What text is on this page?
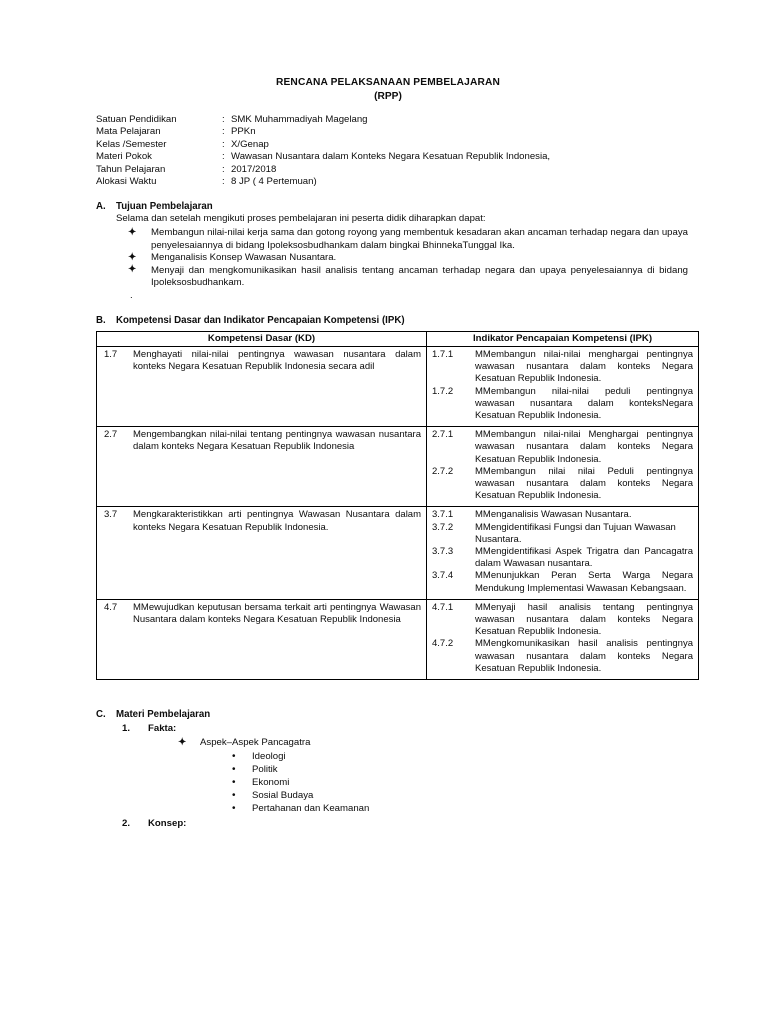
RENCANA PELAKSANAAN PEMBELAJARAN
(RPP)
Satuan Pendidikan	: SMK Muhammadiyah Magelang
Mata Pelajaran	: PPKn
Kelas /Semester	: X/Genap
Materi Pokok	: Wawasan Nusantara dalam Konteks Negara Kesatuan Republik Indonesia,
Tahun Pelajaran	: 2017/2018
Alokasi Waktu	: 8 JP ( 4 Pertemuan)
A.	Tujuan Pembelajaran
Selama dan setelah mengikuti proses pembelajaran ini peserta didik diharapkan dapat:
✦ Membangun nilai-nilai kerja sama dan gotong royong yang membentuk kesadaran akan ancaman terhadap negara dan upaya penyelesaiannya di bidang Ipoleksosbudhankam dalam bingkai BhinnekaTunggal Ika.
✦ Menganalisis Konsep Wawasan Nusantara.
✦ Menyaji dan mengkomunikasikan hasil analisis tentang ancaman terhadap negara dan upaya penyelesaiannya di bidang Ipoleksosbudhankam.
.
B.	Kompetensi Dasar dan Indikator Pencapaian Kompetensi (IPK)
Kompetensi Dasar (KD)	Indikator Pencapaian Kompetensi (IPK)

1.7	Menghayati nilai-nilai pentingnya wawasan nusantara dalam konteks Negara Kesatuan Republik Indonesia secara adil

1.7.1	MMembangun nilai-nilai menghargai pentingnya wawasan nusantara dalam konteks Negara Kesatuan Republik Indonesia.
1.7.2	MMembangun nilai-nilai peduli pentingnya wawasan nusantara dalam konteksNegara Kesatuan Republik Indonesia.

2.7	Mengembangkan nilai-nilai tentang pentingnya wawasan nusantara dalam konteks Negara Kesatuan Republik Indonesia

2.7.1	MMembangun nilai-nilai Menghargai pentingnya wawasan nusantara dalam konteks Negara Kesatuan Republik Indonesia.
2.7.2	MMembangun nilai nilai Peduli pentingnya wawasan nusantara dalam konteks Negara Kesatuan Republik Indonesia.

3.7	Mengkarakteristikkan arti pentingnya Wawasan Nusantara dalam konteks Negara Kesatuan Republik Indonesia.

3.7.1	MMenganalisis Wawasan Nusantara.
3.7.2	MMengidentifikasi Fungsi dan Tujuan Wawasan Nusantara.
3.7.3	MMengidentifikasi Aspek Trigatra dan Pancagatra dalam Wawasan nusantara.
3.7.4	MMenunjukkan Peran Serta Warga Negara Mendukung Implementasi Wawasan Kebangsaan.

4.7	MMewujudkan keputusan bersama terkait arti pentingnya Wawasan Nusantara dalam konteks Negara Kesatuan Republik Indonesia

4.7.1	MMenyaji hasil analisis tentang pentingnya wawasan nusantara dalam konteks Negara Kesatuan Republik Indonesia.
4.7.2	MMengkomunikasikan hasil analisis pentingnya wawasan nusantara dalam konteks Negara Kesatuan Republik Indonesia.
C.	Materi Pembelajaran
1. Fakta:
✦ Aspek–Aspek Pancagatra
• Ideologi
• Politik
• Ekonomi
• Sosial Budaya
• Pertahanan dan Keamanan
2. Konsep:
